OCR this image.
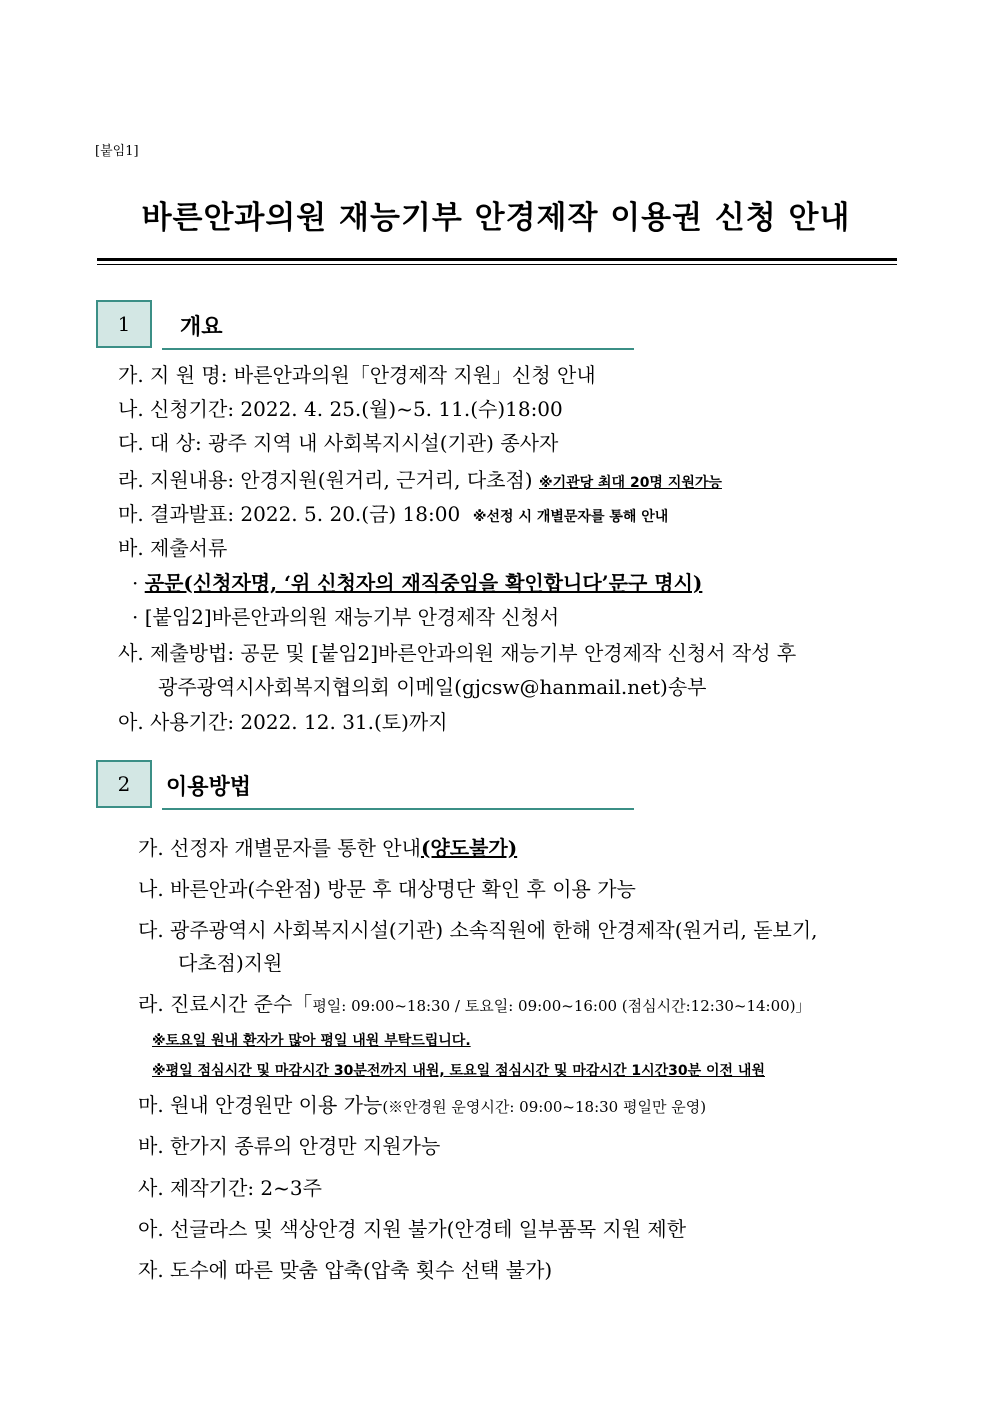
[붙임1]
바른안과의원 재능기부 안경제작 이용권 신청 안내
1	개요
가. 지 원 명: 바른안과의원「안경제작 지원」신청 안내
나. 신청기간: 2022. 4. 25.(월)~5. 11.(수)18:00
다. 대 상: 광주 지역 내 사회복지시설(기관) 종사자
라. 지원내용: 안경지원(원거리, 근거리, 다초점) ※기관당 최대 20명 지원가능
마. 결과발표: 2022. 5. 20.(금) 18:00 ※선정 시 개별문자를 통해 안내
바. 제출서류
· 공문(신청자명, ‘위 신청자의 재직중임을 확인합니다’문구 명시)
· [붙임2]바른안과의원 재능기부 안경제작 신청서
사. 제출방법: 공문 및 [붙임2]바른안과의원 재능기부 안경제작 신청서 작성 후
광주광역시사회복지협의회 이메일(gjcsw@hanmail.net)송부
아. 사용기간: 2022. 12. 31.(토)까지
2	이용방법
가. 선정자 개별문자를 통한 안내(양도불가)
나. 바른안과(수완점) 방문 후 대상명단 확인 후 이용 가능
다. 광주광역시 사회복지시설(기관) 소속직원에 한해 안경제작(원거리, 돋보기,
다초점)지원
라. 진료시간 준수「평일: 09:00~18:30 / 토요일: 09:00~16:00 (점심시간:12:30~14:00)」
※토요일 원내 환자가 많아 평일 내원 부탁드립니다.
※평일 점심시간 및 마감시간 30분전까지 내원, 토요일 점심시간 및 마감시간 1시간30분 이전 내원
마. 원내 안경원만 이용 가능(※안경원 운영시간: 09:00~18:30 평일만 운영)
바. 한가지 종류의 안경만 지원가능
사. 제작기간: 2~3주
아. 선글라스 및 색상안경 지원 불가(안경테 일부품목 지원 제한
자. 도수에 따른 맞춤 압축(압축 횟수 선택 불가)
